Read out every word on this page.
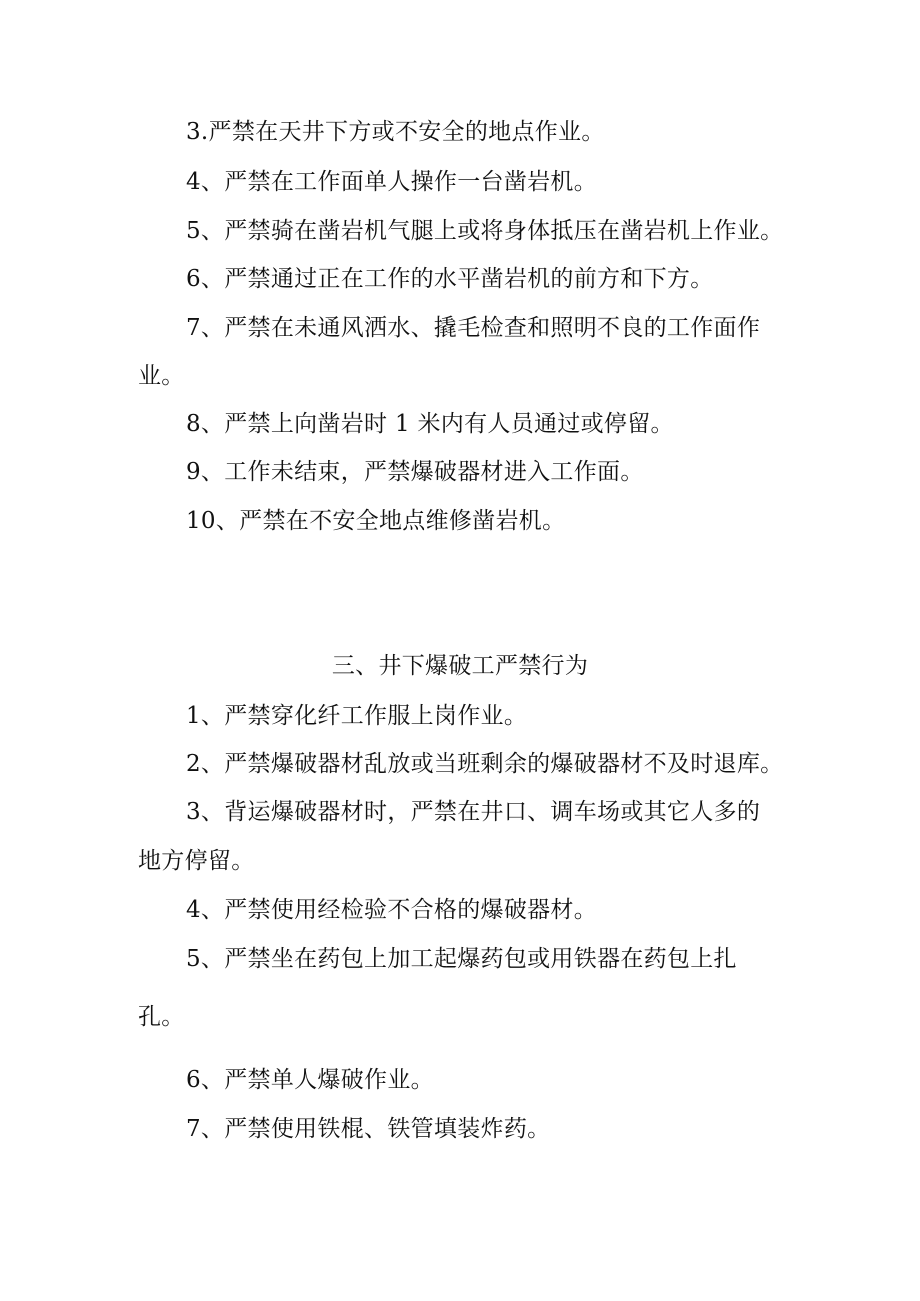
3.严禁在天井下方或不安全的地点作业。
4、严禁在工作面单人操作一台凿岩机。
5、严禁骑在凿岩机气腿上或将身体抵压在凿岩机上作业。
6、严禁通过正在工作的水平凿岩机的前方和下方。
7、严禁在未通风洒水、撬毛检查和照明不良的工作面作
业。
8、严禁上向凿岩时 1 米内有人员通过或停留。
9、工作未结束，严禁爆破器材进入工作面。
10、严禁在不安全地点维修凿岩机。
三、井下爆破工严禁行为
1、严禁穿化纤工作服上岗作业。
2、严禁爆破器材乱放或当班剩余的爆破器材不及时退库。
3、背运爆破器材时，严禁在井口、调车场或其它人多的
地方停留。
4、严禁使用经检验不合格的爆破器材。
5、严禁坐在药包上加工起爆药包或用铁器在药包上扎
孔。
6、严禁单人爆破作业。
7、严禁使用铁棍、铁管填装炸药。
